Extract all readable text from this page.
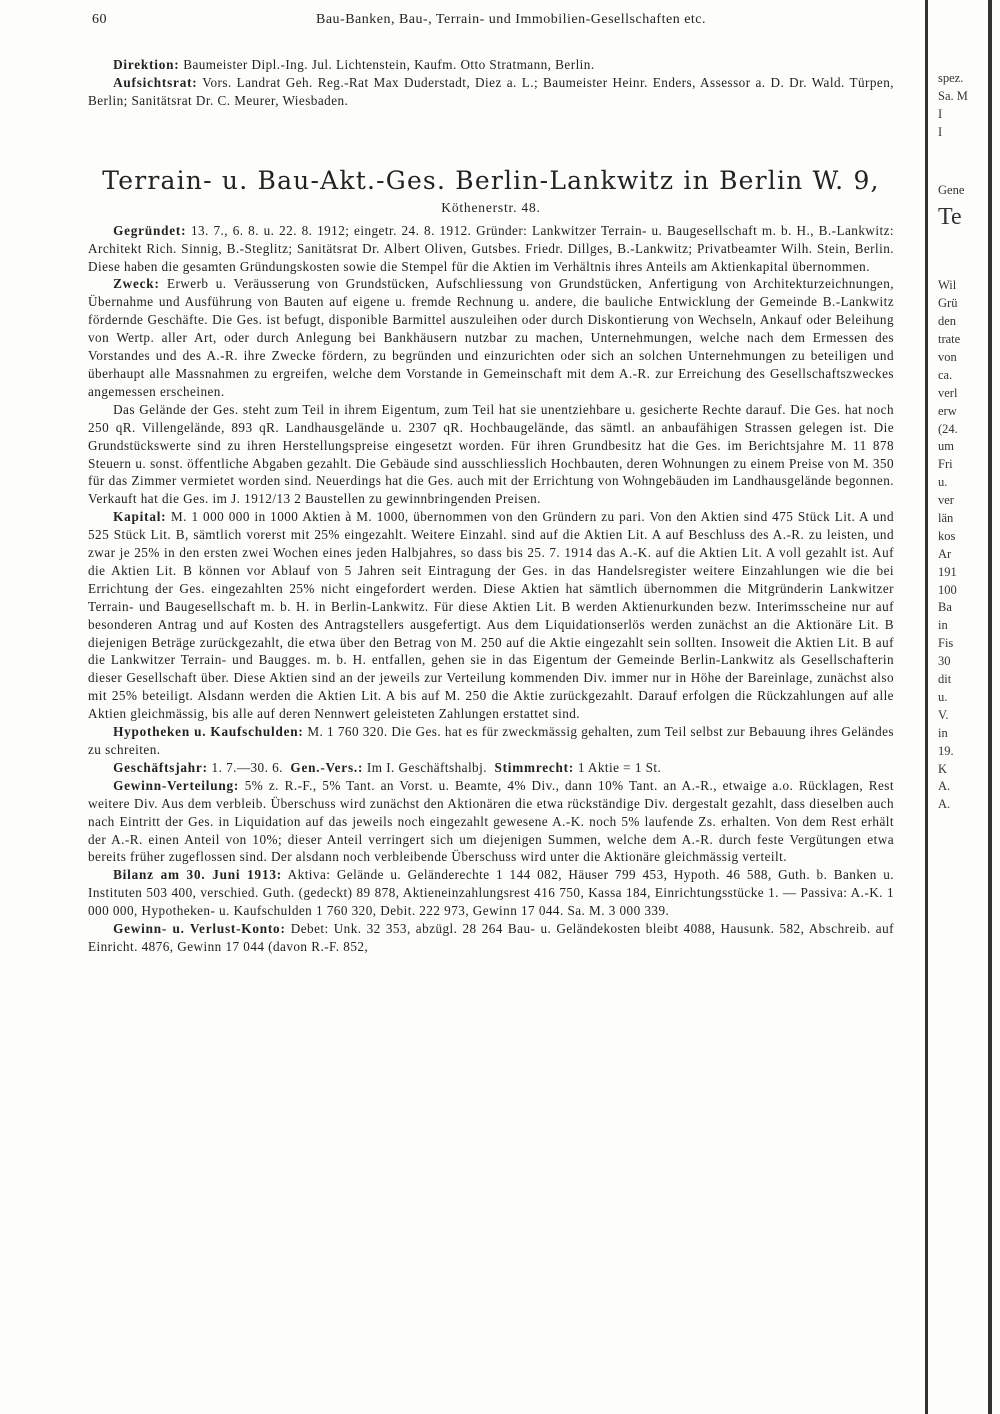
60	Bau-Banken, Bau-, Terrain- und Immobilien-Gesellschaften etc.

Direktion: Baumeister Dipl.-Ing. Jul. Lichtenstein, Kaufm. Otto Stratmann, Berlin.

Aufsichtsrat: Vors. Landrat Geh. Reg.-Rat Max Duderstadt, Diez a. L.; Baumeister Heinr. Enders, Assessor a. D. Dr. Wald. Türpen, Berlin; Sanitätsrat Dr. C. Meurer, Wiesbaden.

Terrain- u. Bau-Akt.-Ges. Berlin-Lankwitz in Berlin W. 9,
Köthenerstr. 48.

Gegründet: 13. 7., 6. 8. u. 22. 8. 1912; eingetr. 24. 8. 1912. Gründer: Lankwitzer Terrain- u. Baugesellschaft m. b. H., B.-Lankwitz: Architekt Rich. Sinnig, B.-Steglitz; Sanitätsrat Dr. Albert Oliven, Gutsbes. Friedr. Dillges, B.-Lankwitz; Privatbeamter Wilh. Stein, Berlin. Diese haben die gesamten Gründungskosten sowie die Stempel für die Aktien im Verhältnis ihres Anteils am Aktienkapital übernommen.

Zweck: Erwerb u. Veräusserung von Grundstücken, Aufschliessung von Grundstücken, Anfertigung von Architekturzeichnungen, Übernahme und Ausführung von Bauten auf eigene u. fremde Rechnung u. andere, die bauliche Entwicklung der Gemeinde B.-Lankwitz fördernde Geschäfte. Die Ges. ist befugt, disponible Barmittel auszuleihen oder durch Diskontierung von Wechseln, Ankauf oder Beleihung von Wertp. aller Art, oder durch Anlegung bei Bankhäusern nutzbar zu machen, Unternehmungen, welche nach dem Ermessen des Vorstandes und des A.-R. ihre Zwecke fördern, zu begründen und einzurichten oder sich an solchen Unternehmungen zu beteiligen und überhaupt alle Massnahmen zu ergreifen, welche dem Vorstande in Gemeinschaft mit dem A.-R. zur Erreichung des Gesellschaftszweckes angemessen erscheinen.

Das Gelände der Ges. steht zum Teil in ihrem Eigentum, zum Teil hat sie unentziehbare u. gesicherte Rechte darauf. Die Ges. hat noch 250 qR. Villengelände, 893 qR. Landhausgelände u. 2307 qR. Hochbaugelände, das sämtl. an anbaufähigen Strassen gelegen ist. Die Grundstückswerte sind zu ihren Herstellungspreise eingesetzt worden. Für ihren Grundbesitz hat die Ges. im Berichtsjahre M. 11 878 Steuern u. sonst. öffentliche Abgaben gezahlt. Die Gebäude sind ausschliesslich Hochbauten, deren Wohnungen zu einem Preise von M. 350 für das Zimmer vermietet worden sind. Neuerdings hat die Ges. auch mit der Errichtung von Wohngebäuden im Landhausgelände begonnen. Verkauft hat die Ges. im J. 1912/13 2 Baustellen zu gewinnbringenden Preisen.

Kapital: M. 1 000 000 in 1000 Aktien à M. 1000, übernommen von den Gründern zu pari. Von den Aktien sind 475 Stück Lit. A und 525 Stück Lit. B, sämtlich vorerst mit 25% eingezahlt. Weitere Einzahl. sind auf die Aktien Lit. A auf Beschluss des A.-R. zu leisten, und zwar je 25% in den ersten zwei Wochen eines jeden Halbjahres, so dass bis 25. 7. 1914 das A.-K. auf die Aktien Lit. A voll gezahlt ist. Auf die Aktien Lit. B können vor Ablauf von 5 Jahren seit Eintragung der Ges. in das Handelsregister weitere Einzahlungen wie die bei Errichtung der Ges. eingezahlten 25% nicht eingefordert werden. Diese Aktien hat sämtlich übernommen die Mitgründerin Lankwitzer Terrain- und Baugesellschaft m. b. H. in Berlin-Lankwitz. Für diese Aktien Lit. B werden Aktienurkunden bezw. Interimsscheine nur auf besonderen Antrag und auf Kosten des Antragstellers ausgefertigt. Aus dem Liquidationserlös werden zunächst an die Aktionäre Lit. B diejenigen Beträge zurückgezahlt, die etwa über den Betrag von M. 250 auf die Aktie eingezahlt sein sollten. Insoweit die Aktien Lit. B auf die Lankwitzer Terrain- und Baugges. m. b. H. entfallen, gehen sie in das Eigentum der Gemeinde Berlin-Lankwitz als Gesellschafterin dieser Gesellschaft über. Diese Aktien sind an der jeweils zur Verteilung kommenden Div. immer nur in Höhe der Bareinlage, zunächst also mit 25% beteiligt. Alsdann werden die Aktien Lit. A bis auf M. 250 die Aktie zurückgezahlt. Darauf erfolgen die Rückzahlungen auf alle Aktien gleichmässig, bis alle auf deren Nennwert geleisteten Zahlungen erstattet sind.

Hypotheken u. Kaufschulden: M. 1 760 320. Die Ges. hat es für zweckmässig gehalten, zum Teil selbst zur Bebauung ihres Geländes zu schreiten.

Geschäftsjahr: 1. 7.—30. 6. Gen.-Vers.: Im I. Geschäftshalbj. Stimmrecht: 1 Aktie = 1 St.

Gewinn-Verteilung: 5% z. R.-F., 5% Tant. an Vorst. u. Beamte, 4% Div., dann 10% Tant. an A.-R., etwaige a.o. Rücklagen, Rest weitere Div. Aus dem verbleib. Überschuss wird zunächst den Aktionären die etwa rückständige Div. dergestalt gezahlt, dass dieselben auch nach Eintritt der Ges. in Liquidation auf das jeweils noch eingezahlt gewesene A.-K. noch 5% laufende Zs. erhalten. Von dem Rest erhält der A.-R. einen Anteil von 10%; dieser Anteil verringert sich um diejenigen Summen, welche dem A.-R. durch feste Vergütungen etwa bereits früher zugeflossen sind. Der alsdann noch verbleibende Überschuss wird unter die Aktionäre gleichmässig verteilt.

Bilanz am 30. Juni 1913: Aktiva: Gelände u. Geländerechte 1 144 082, Häuser 799 453, Hypoth. 46 588, Guth. b. Banken u. Instituten 503 400, verschied. Guth. (gedeckt) 89 878, Aktieneinzahlungsrest 416 750, Kassa 184, Einrichtungsstücke 1. — Passiva: A.-K. 1 000 000, Hypotheken- u. Kaufschulden 1 760 320, Debit. 222 973, Gewinn 17 044. Sa. M. 3 000 339.

Gewinn- u. Verlust-Konto: Debet: Unk. 32 353, abzügl. 28 264 Bau- u. Geländekosten bleibt 4088, Hausunk. 582, Abschreib. auf Einricht. 4876, Gewinn 17 044 (davon R.-F. 852,

spez.
Sa. M
I
I
Gene
Te
Wil
Grü
den
trate
von
ca.
verl
erw
(24.
um
Fri
u.
ver
län
kos
Ar
191
100
Ba
in
Fis
30
dit
u.
V.
in
19.
K
A.
A.
